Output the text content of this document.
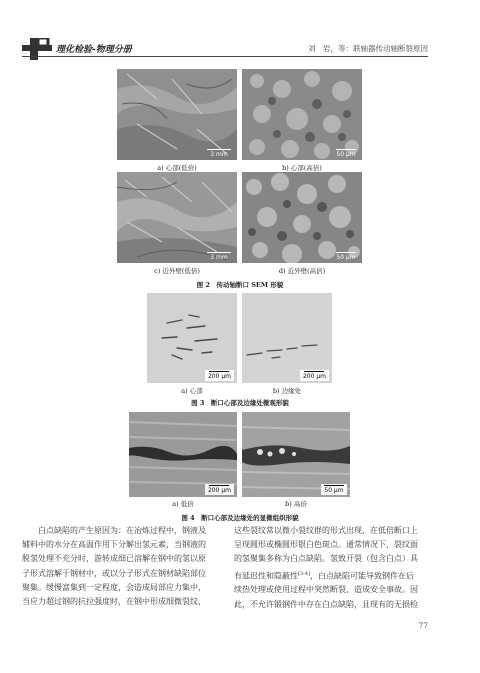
理化检验-物理分册	刘　岩，等：联轴器传动轴断裂原因
3 mm
a) 心部(低倍)
50 μm
b) 心部(高倍)
3 mm
c) 近外壁(低倍)
50 μm
d) 近外壁(高倍)
图 2　传动轴断口 SEM 形貌
200 μm
a) 心部
200 μm
b) 边缘处
图 3　断口心部及边缘处微观形貌
200 μm
a) 低倍
50 μm
b) 高倍
图 4　断口心部及边缘处的显微组织形貌
　　白点缺陷的产生原因为：在冶炼过程中，钢液及
辅料中的水分在高温作用下分解出氢元素，当钢液的
脱氢处理不充分时，游转成细已溶解在钢中的氢以原
子形式溶解于钢材中，或以分子形式在钢材缺陷部位
聚集。缓慢富集到一定程度，会造成局部应力集中，
当应力超过钢的抗拉强度时，在钢中形成细微裂纹，
这些裂纹常以微小裂纹群的形式出现，在低倍断口上
呈现圆形或椭圆形银白色斑点。通常情况下，裂纹面
的氢聚集多称为白点缺陷。氢致开裂（包含白点）具
有延迟性和隐蔽性[3-4]，白点缺陷可能导致钢件在后
续热处理或使用过程中突然断裂，造成安全事故。因
此，不允许锻钢件中存在白点缺陷，且现有的无损检
77
